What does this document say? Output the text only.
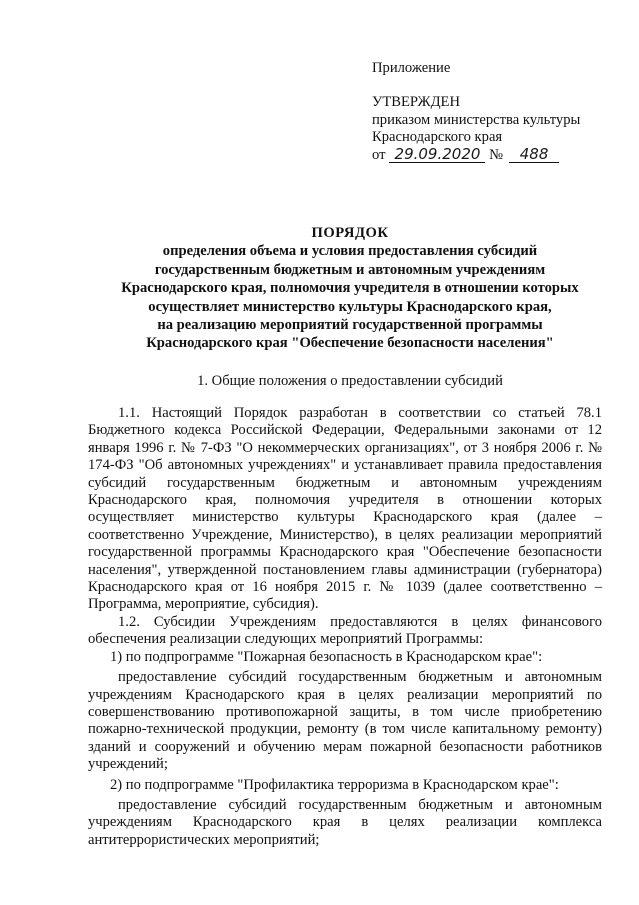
Приложение
УТВЕРЖДЕН
приказом министерства культуры
Краснодарского края
от 29.09.2020 № 488
ПОРЯДОК
определения объема и условия предоставления субсидий
государственным бюджетным и автономным учреждениям
Краснодарского края, полномочия учредителя в отношении которых
осуществляет министерство культуры Краснодарского края,
на реализацию мероприятий государственной программы
Краснодарского края "Обеспечение безопасности населения"
1. Общие положения о предоставлении субсидий

1.1. Настоящий Порядок разработан в соответствии со статьей 78.1 Бюджетного кодекса Российской Федерации, Федеральными законами от 12 января 1996 г. № 7-ФЗ "О некоммерческих организациях", от 3 ноября 2006 г. № 174-ФЗ "Об автономных учреждениях" и устанавливает правила предоставления субсидий государственным бюджетным и автономным учреждениям Краснодарского края, полномочия учредителя в отношении которых осуществляет министерство культуры Краснодарского края (далее – соответственно Учреждение, Министерство), в целях реализации мероприятий государственной программы Краснодарского края "Обеспечение безопасности населения", утвержденной постановлением главы администрации (губернатора) Краснодарского края от 16 ноября 2015 г. № 1039 (далее соответственно – Программа, мероприятие, субсидия).

1.2. Субсидии Учреждениям предоставляются в целях финансового обеспечения реализации следующих мероприятий Программы:

1) по подпрограмме "Пожарная безопасность в Краснодарском крае":

предоставление субсидий государственным бюджетным и автономным учреждениям Краснодарского края в целях реализации мероприятий по совершенствованию противопожарной защиты, в том числе приобретению пожарно-технической продукции, ремонту (в том числе капитальному ремонту) зданий и сооружений и обучению мерам пожарной безопасности работников учреждений;

2) по подпрограмме "Профилактика терроризма в Краснодарском крае":

предоставление субсидий государственным бюджетным и автономным учреждениям Краснодарского края в целях реализации комплекса антитеррористических мероприятий;
